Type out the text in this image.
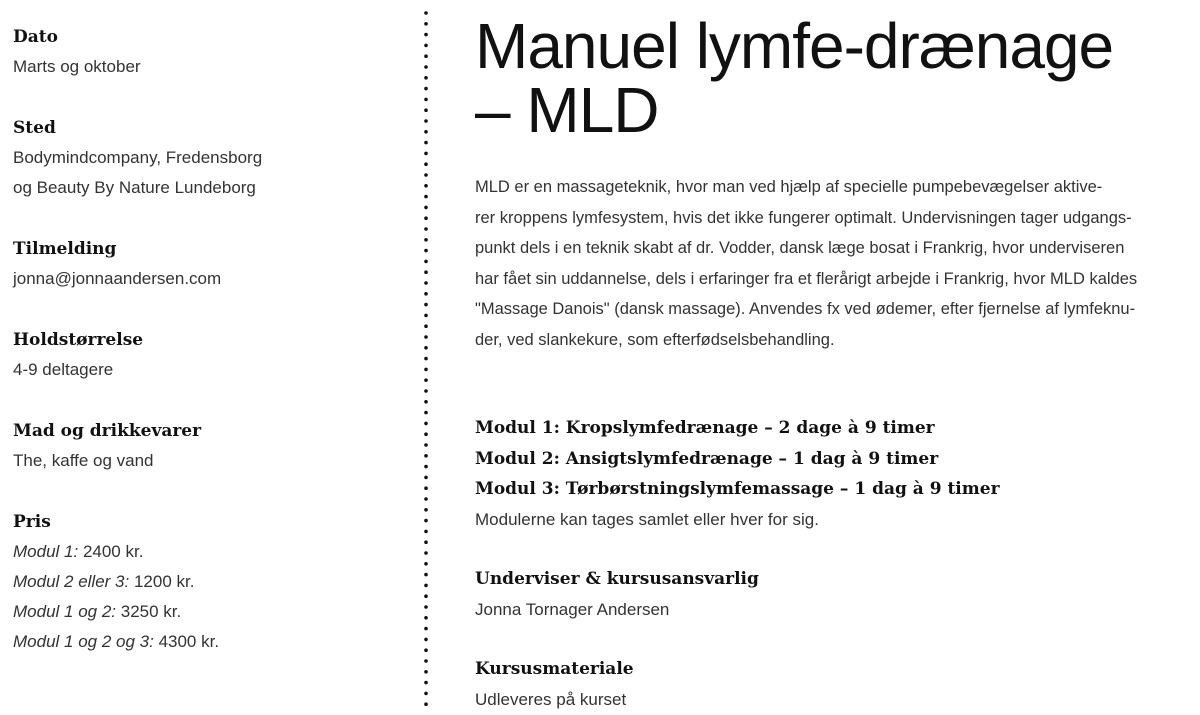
Dato
Marts og oktober
Sted
Bodymindcompany, Fredensborg
og Beauty By Nature Lundeborg
Tilmelding
jonna@jonnaandersen.com
Holdstørrelse
4-9 deltagere
Mad og drikkevarer
The, kaffe og vand
Pris
Modul 1: 2400 kr.
Modul 2 eller 3: 1200 kr.
Modul 1 og 2: 3250 kr.
Modul 1 og 2 og 3: 4300 kr.
Manuel lymfe-drænage
– MLD
MLD er en massageteknik, hvor man ved hjælp af specielle pumpebevægelser aktive-
rer kroppens lymfesystem, hvis det ikke fungerer optimalt. Undervisningen tager udgangs-
punkt dels i en teknik skabt af dr. Vodder, dansk læge bosat i Frankrig, hvor underviseren
har fået sin uddannelse, dels i erfaringer fra et flerårigt arbejde i Frankrig, hvor MLD kaldes
"Massage Danois" (dansk massage). Anvendes fx ved ødemer, efter fjernelse af lymfeknu-
der, ved slankekure, som efterfødselsbehandling.
Modul 1: Kropslymfedrænage – 2 dage à 9 timer
Modul 2: Ansigtslymfedrænage – 1 dag à 9 timer
Modul 3: Tørbørstningslymfemassage – 1 dag à 9 timer
Modulerne kan tages samlet eller hver for sig.
Underviser & kursusansvarlig
Jonna Tornager Andersen
Kursusmateriale
Udleveres på kurset
